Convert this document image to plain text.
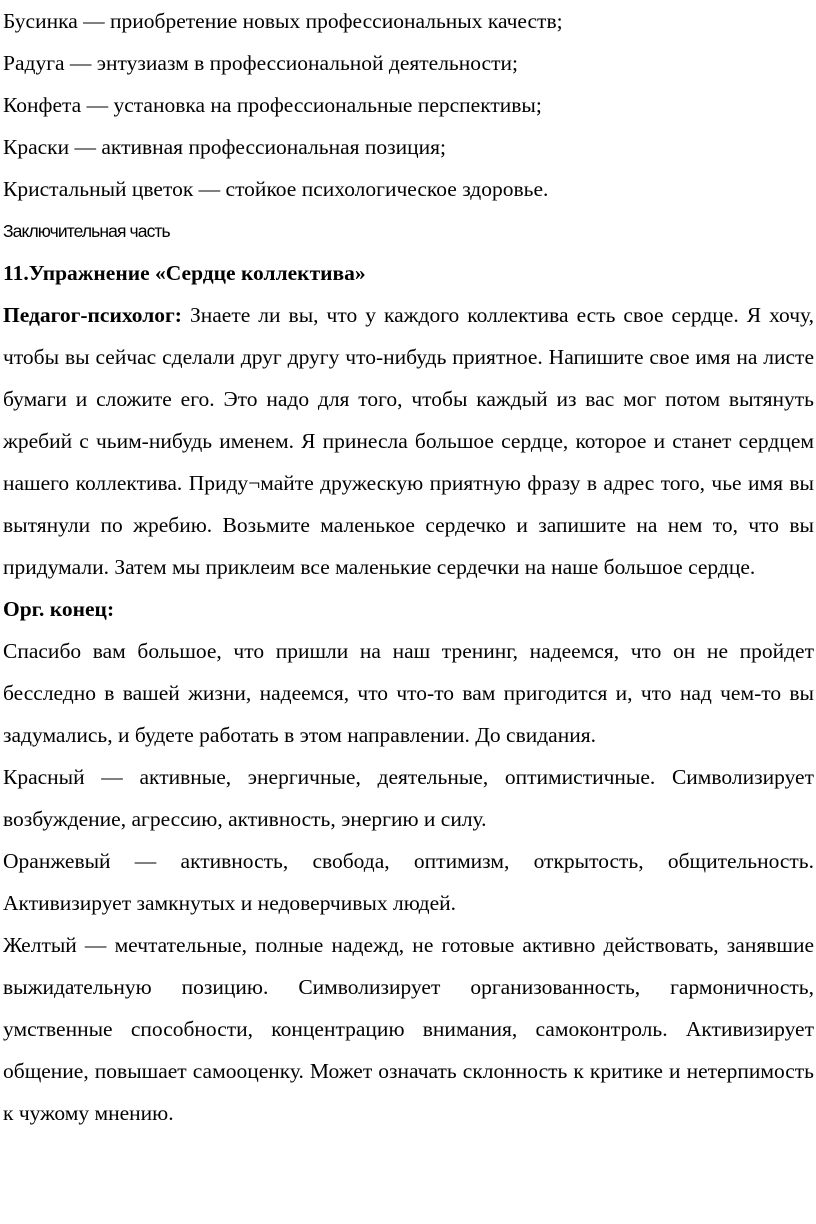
Бусинка — приобретение новых профессиональных качеств;
Радуга — энтузиазм в профессиональной деятельности;
Конфета — установка на профессиональные перспективы;
Краски — активная профессиональная позиция;
Кристальный цветок — стойкое психологическое здоровье.
Заключительная часть
11.Упражнение «Сердце коллектива»

Педагог-психолог: Знаете ли вы, что у каждого коллектива есть свое сердце. Я хочу, чтобы вы сейчас сделали друг другу что-нибудь приятное. Напишите свое имя на листе бумаги и сложите его. Это надо для того, чтобы каждый из вас мог потом вытянуть жребий с чьим-нибудь именем. Я принесла большое сердце, которое и станет сердцем нашего коллектива. Приду¬майте дружескую приятную фразу в адрес того, чье имя вы вытянули по жребию. Возьмите маленькое сердечко и запишите на нем то, что вы придумали. Затем мы приклеим все маленькие сердечки на наше большое сердце.

Орг. конец:

Спасибо вам большое, что пришли на наш тренинг, надеемся, что он не пройдет бесследно в вашей жизни, надеемся, что что-то вам пригодится и, что над чем-то вы задумались, и будете работать в этом направлении. До свидания.

Красный — активные, энергичные, деятельные, оптимистичные. Символизирует возбуждение, агрессию, активность, энергию и силу.

Оранжевый — активность, свобода, оптимизм, открытость, общительность. Активизирует замкнутых и недоверчивых людей.

Желтый — мечтательные, полные надежд, не готовые активно действовать, занявшие выжидательную позицию. Символизирует организованность, гармоничность, умственные способности, концентрацию внимания, самоконтроль. Активизирует общение, повышает самооценку. Может означать склонность к критике и нетерпимость к чужому мнению.
